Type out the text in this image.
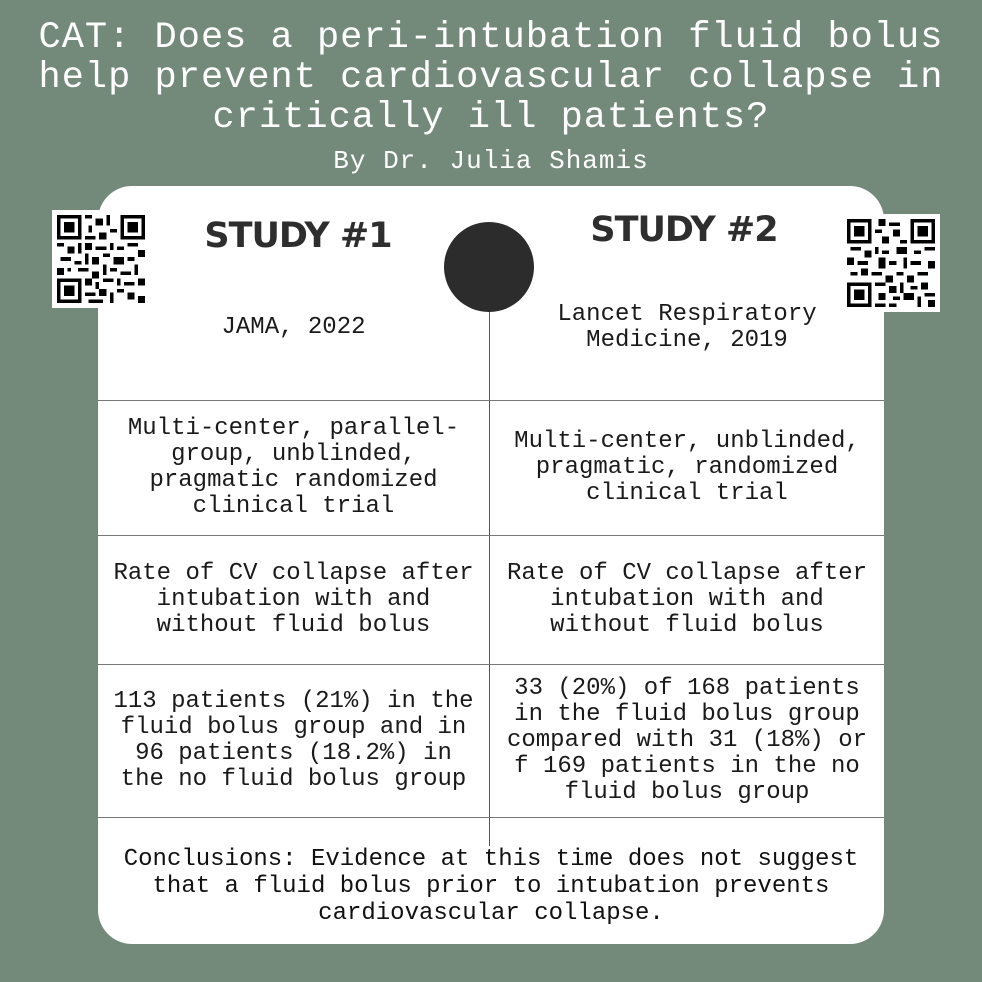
CAT: Does a peri-intubation fluid bolus help prevent cardiovascular collapse in critically ill patients?
By Dr. Julia Shamis
STUDY #1	STUDY #2
JAMA, 2022	Lancet Respiratory Medicine, 2019
Multi-center, parallel-group, unblinded, pragmatic randomized clinical trial
Multi-center, unblinded, pragmatic, randomized clinical trial
Rate of CV collapse after intubation with and without fluid bolus
Rate of CV collapse after intubation with and without fluid bolus
113 patients (21%) in the fluid bolus group and in 96 patients (18.2%) in the no fluid bolus group
33 (20%) of 168 patients in the fluid bolus group compared with 31 (18%) or f 169 patients in the no fluid bolus group
Conclusions: Evidence at this time does not suggest that a fluid bolus prior to intubation prevents cardiovascular collapse.
